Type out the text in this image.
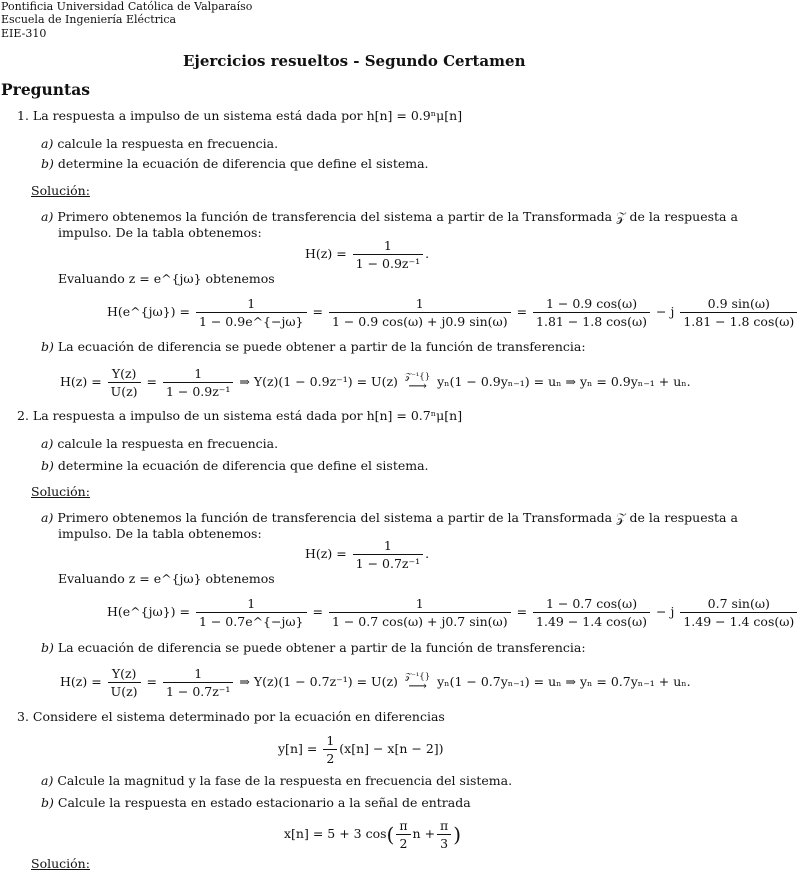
Pontificia Universidad Católica de Valparaíso
Escuela de Ingeniería Eléctrica
EIE-310
Ejercicios resueltos - Segundo Certamen
Preguntas
1. La respuesta a impulso de un sistema está dada por h[n] = 0.9ⁿμ[n]
a) calcule la respuesta en frecuencia.
b) determine la ecuación de diferencia que define el sistema.
Solución:
a) Primero obtenemos la función de transferencia del sistema a partir de la Transformada 𝒵 de la respuesta a
impulso. De la tabla obtenemos:
$H(z) = \frac{1}{\text{1 − 0.9z⁻¹}}$ .
Evaluando z = e^{jω} obtenemos
H(e^{jω}) = $\frac{1}{1 - 0.9e\^{}\{-j\omega\}} = \frac{1}{1 - 0.9 \cos(\omega) + j0.9 \sin(\omega)} = \frac{1 - 0.9 \cos(\omega)}{1.81 - 1.8 \cos(\omega)} - j \frac{0.9 \sin(\omega)}{1.81 - 1.8 \cos(\omega)}$
b) La ecuación de diferencia se puede obtener a partir de la función de transferencia:
$H(z) = \frac{Y(z)}{U(z)} = \frac{1}{\text{1 − 0.9z⁻¹}}$ ⇒ Y(z)(1 − 0.9z⁻¹) = U(z) 𝒵⁻¹{}
⟶ yₙ(1 − 0.9yₙ₋₁) = uₙ ⇒ yₙ = 0.9yₙ₋₁ + uₙ.
2. La respuesta a impulso de un sistema está dada por h[n] = 0.7ⁿμ[n]
a) calcule la respuesta en frecuencia.
b) determine la ecuación de diferencia que define el sistema.
Solución:
a) Primero obtenemos la función de transferencia del sistema a partir de la Transformada 𝒵 de la respuesta a
impulso. De la tabla obtenemos:
$H(z) = \frac{1}{\text{1 − 0.7z⁻¹}}$ .
Evaluando z = e^{jω} obtenemos
H(e^{jω}) = $\frac{1}{1 - 0.7e\^{}\{-j\omega\}} = \frac{1}{1 - 0.7 \cos(\omega) + j0.7 \sin(\omega)} = \frac{1 - 0.7 \cos(\omega)}{1.49 - 1.4 \cos(\omega)} - j \frac{0.7 \sin(\omega)}{1.49 - 1.4 \cos(\omega)}$
b) La ecuación de diferencia se puede obtener a partir de la función de transferencia:
$H(z) = \frac{Y(z)}{U(z)} = \frac{1}{\text{1 − 0.7z⁻¹}}$ ⇒ Y(z)(1 − 0.7z⁻¹) = U(z) 𝒵⁻¹{}
⟶ yₙ(1 − 0.7yₙ₋₁) = uₙ ⇒ yₙ = 0.7yₙ₋₁ + uₙ.
3. Considere el sistema determinado por la ecuación en diferencias
$y[n] = \frac{1}{2} (x[n] - x[n - 2])$
a) Calcule la magnitud y la fase de la respuesta en frecuencia del sistema.
b) Calcule la respuesta en estado estacionario a la señal de entrada
x[n] = 5 + 3 $\cos( \frac{\pi}{2}$ $n + \frac{\pi}{3}$ )
Solución:
